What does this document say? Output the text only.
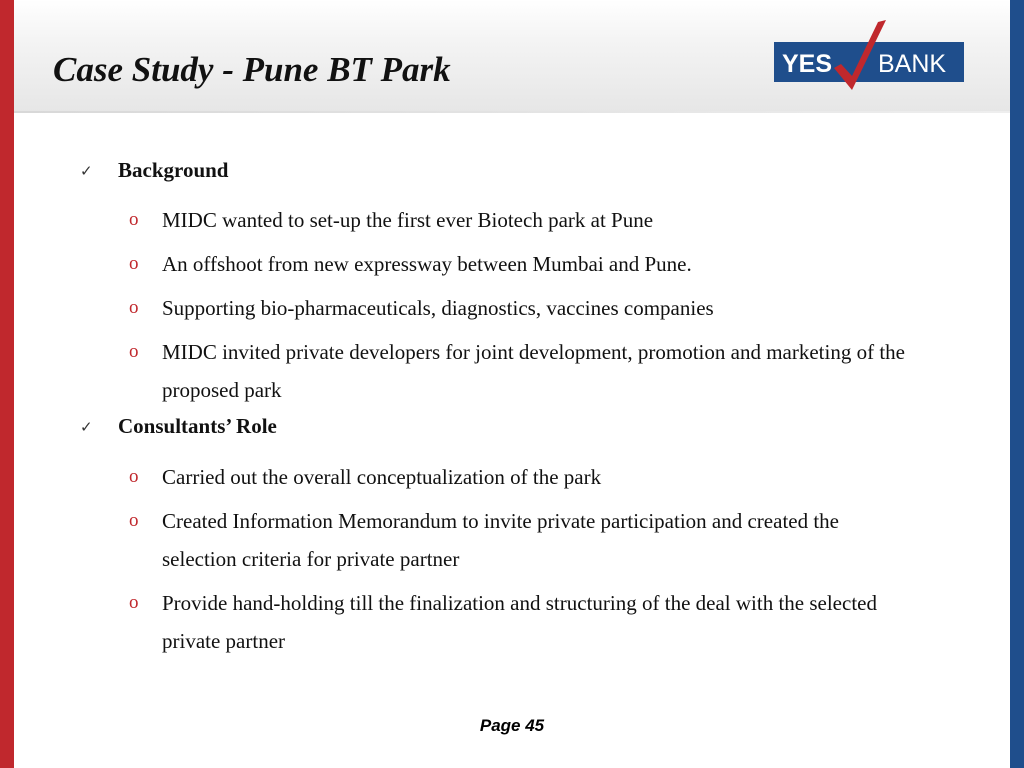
Case Study - Pune BT Park	YES BANK
✓	Background
o	MIDC wanted to set-up the first ever Biotech park at Pune
o	An offshoot from new expressway between Mumbai and Pune.
o	Supporting bio-pharmaceuticals, diagnostics, vaccines companies
o	MIDC invited private developers for joint development, promotion and marketing of the proposed park
✓	Consultants’ Role
o	Carried out the overall conceptualization of the park
o	Created Information Memorandum to invite private participation and created the selection criteria for private partner
o	Provide hand-holding till the finalization and structuring of the deal with the selected private partner
Page 45
